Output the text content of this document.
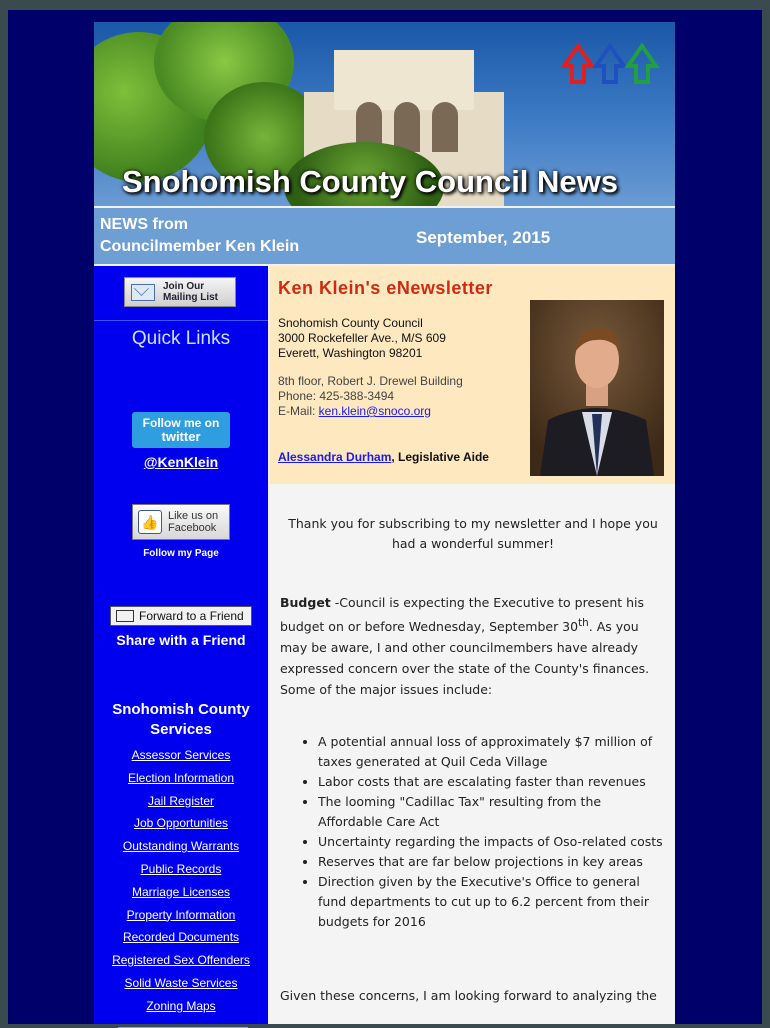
Snohomish County Council News
NEWS from
Councilmember Ken Klein	September, 2015
Join Our
Mailing List
Quick Links
Follow me on
twitter
@KenKlein
👍 Like us on
Facebook
Follow my Page
Forward to a Friend
Share with a Friend
Snohomish County
Services
Assessor Services
Election Information
Jail Register
Job Opportunities
Outstanding Warrants
Public Records
Marriage Licenses
Property Information
Recorded Documents
Registered Sex Offenders
Solid Waste Services
Zoning Maps
Ken Klein's eNewsletter
Snohomish County Council
3000 Rockefeller Ave., M/S 609
Everett, Washington 98201
8th floor, Robert J. Drewel Building
Phone: 425-388-3494
E-Mail: ken.klein@snoco.org
Alessandra Durham, Legislative Aide
Thank you for subscribing to my newsletter and I hope you had a wonderful summer!
Budget -Council is expecting the Executive to present his budget on or before Wednesday, September 30th. As you may be aware, I and other councilmembers have already expressed concern over the state of the County's finances. Some of the major issues include:
• A potential annual loss of approximately $7 million of taxes generated at Quil Ceda Village
• Labor costs that are escalating faster than revenues
• The looming "Cadillac Tax" resulting from the Affordable Care Act
• Uncertainty regarding the impacts of Oso-related costs
• Reserves that are far below projections in key areas
• Direction given by the Executive's Office to general fund departments to cut up to 6.2 percent from their budgets for 2016
Given these concerns, I am looking forward to analyzing the
